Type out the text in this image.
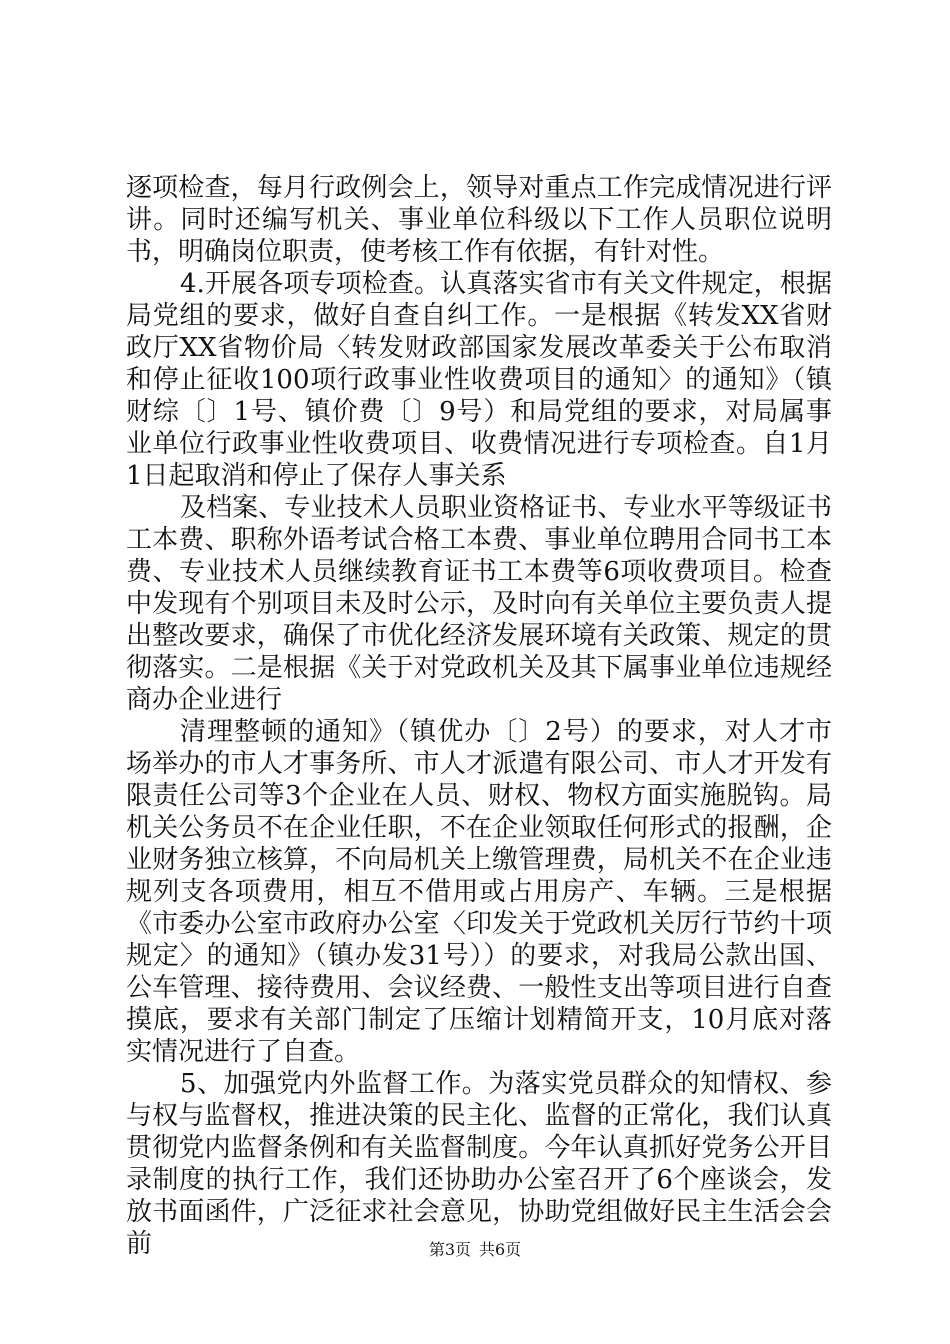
逐项检查，每月行政例会上，领导对重点工作完成情况进行评讲。同时还编写机关、事业单位科级以下工作人员职位说明书，明确岗位职责，使考核工作有依据，有针对性。

4.开展各项专项检查。认真落实省市有关文件规定，根据局党组的要求，做好自查自纠工作。一是根据《转发XX省财政厅XX省物价局〈转发财政部国家发展改革委关于公布取消和停止征收100项行政事业性收费项目的通知〉的通知》（镇财综〔〕1号、镇价费〔〕9号）和局党组的要求，对局属事业单位行政事业性收费项目、收费情况进行专项检查。自1月1日起取消和停止了保存人事关系

及档案、专业技术人员职业资格证书、专业水平等级证书工本费、职称外语考试合格工本费、事业单位聘用合同书工本费、专业技术人员继续教育证书工本费等6项收费项目。检查中发现有个别项目未及时公示，及时向有关单位主要负责人提出整改要求，确保了市优化经济发展环境有关政策、规定的贯彻落实。二是根据《关于对党政机关及其下属事业单位违规经商办企业进行

清理整顿的通知》（镇优办〔〕2号）的要求，对人才市场举办的市人才事务所、市人才派遣有限公司、市人才开发有限责任公司等3个企业在人员、财权、物权方面实施脱钩。局机关公务员不在企业任职，不在企业领取任何形式的报酬，企业财务独立核算，不向局机关上缴管理费，局机关不在企业违规列支各项费用，相互不借用或占用房产、车辆。三是根据《市委办公室市政府办公室〈印发关于党政机关厉行节约十项规定〉的通知》（镇办发31号））的要求，对我局公款出国、公车管理、接待费用、会议经费、一般性支出等项目进行自查摸底，要求有关部门制定了压缩计划精简开支，10月底对落实情况进行了自查。

5、加强党内外监督工作。为落实党员群众的知情权、参与权与监督权，推进决策的民主化、监督的正常化，我们认真贯彻党内监督条例和有关监督制度。今年认真抓好党务公开目录制度的执行工作，我们还协助办公室召开了6个座谈会，发放书面函件，广泛征求社会意见，协助党组做好民主生活会会前	第3页 共6页
